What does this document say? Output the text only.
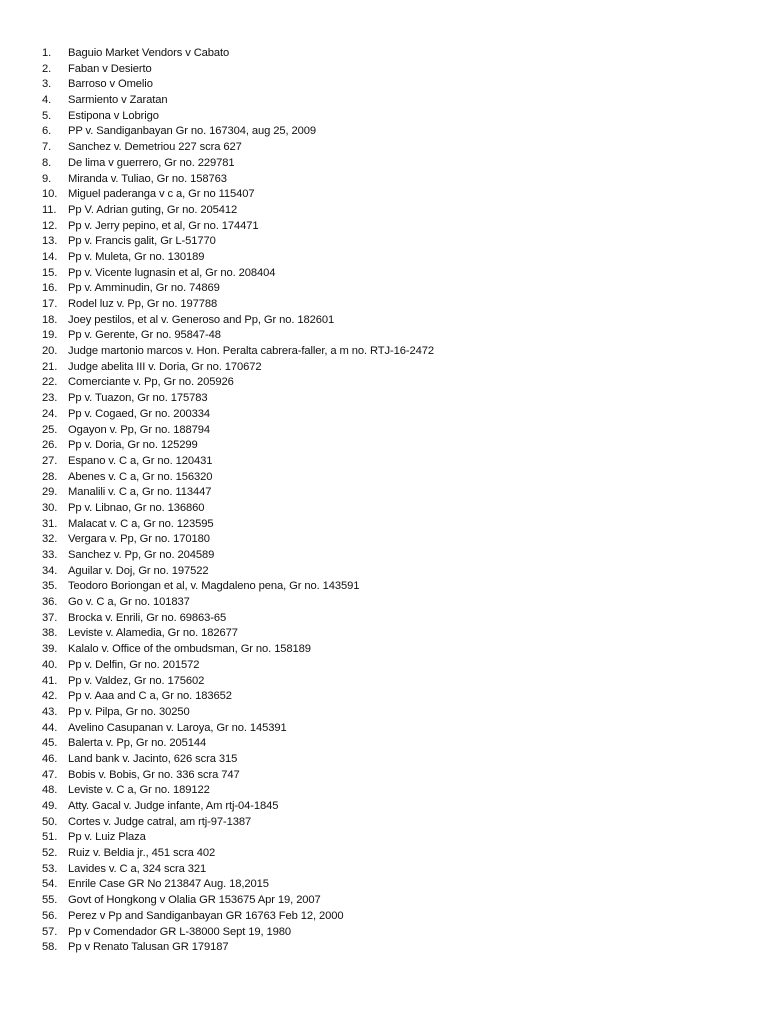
1. Baguio Market Vendors v Cabato
2. Faban v Desierto
3. Barroso v Omelio
4. Sarmiento v Zaratan
5. Estipona v Lobrigo
6. PP v. Sandiganbayan Gr no. 167304, aug 25, 2009
7. Sanchez v. Demetriou 227 scra 627
8. De lima v guerrero, Gr no. 229781
9. Miranda v. Tuliao, Gr no. 158763
10. Miguel paderanga v c a, Gr no 115407
11. Pp V. Adrian guting, Gr no. 205412
12. Pp v. Jerry pepino, et al, Gr no. 174471
13. Pp v. Francis galit, Gr L-51770
14. Pp v. Muleta, Gr no. 130189
15. Pp v. Vicente lugnasin et al, Gr no. 208404
16. Pp v. Amminudin, Gr no. 74869
17. Rodel luz v. Pp, Gr no. 197788
18. Joey pestilos, et al v. Generoso and Pp, Gr no. 182601
19. Pp v. Gerente, Gr no. 95847-48
20. Judge martonio marcos v. Hon. Peralta cabrera-faller, a m no. RTJ-16-2472
21. Judge abelita III v. Doria, Gr no. 170672
22. Comerciante v. Pp, Gr no. 205926
23. Pp v. Tuazon, Gr no. 175783
24. Pp v. Cogaed, Gr no. 200334
25. Ogayon v. Pp, Gr no. 188794
26. Pp v. Doria, Gr no. 125299
27. Espano v. C a, Gr no. 120431
28. Abenes v. C a, Gr no. 156320
29. Manalili v. C a, Gr no. 113447
30. Pp v. Libnao, Gr no. 136860
31. Malacat v. C a, Gr no. 123595
32. Vergara v. Pp, Gr no. 170180
33. Sanchez v. Pp, Gr no. 204589
34. Aguilar v. Doj, Gr no. 197522
35. Teodoro Boriongan et al, v. Magdaleno pena, Gr no. 143591
36. Go v. C a, Gr no. 101837
37. Brocka v. Enrili, Gr no. 69863-65
38. Leviste v. Alamedia, Gr no. 182677
39. Kalalo v. Office of the ombudsman, Gr no. 158189
40. Pp v. Delfin, Gr no. 201572
41. Pp v. Valdez, Gr no. 175602
42. Pp v. Aaa and C a, Gr no. 183652
43. Pp v. Pilpa, Gr no. 30250
44. Avelino Casupanan v. Laroya, Gr no. 145391
45. Balerta v. Pp, Gr no. 205144
46. Land bank v. Jacinto, 626 scra 315
47. Bobis v. Bobis, Gr no. 336 scra 747
48. Leviste v. C a, Gr no. 189122
49. Atty. Gacal v. Judge infante, Am rtj-04-1845
50. Cortes v. Judge catral, am rtj-97-1387
51. Pp v. Luiz Plaza
52. Ruiz v. Beldia jr., 451 scra 402
53. Lavides v. C a, 324 scra 321
54. Enrile Case GR No 213847 Aug. 18,2015
55. Govt of Hongkong v Olalia GR 153675 Apr 19, 2007
56. Perez v Pp and Sandiganbayan GR 16763 Feb 12, 2000
57. Pp v Comendador GR L-38000 Sept 19, 1980
58. Pp v Renato Talusan GR 179187
